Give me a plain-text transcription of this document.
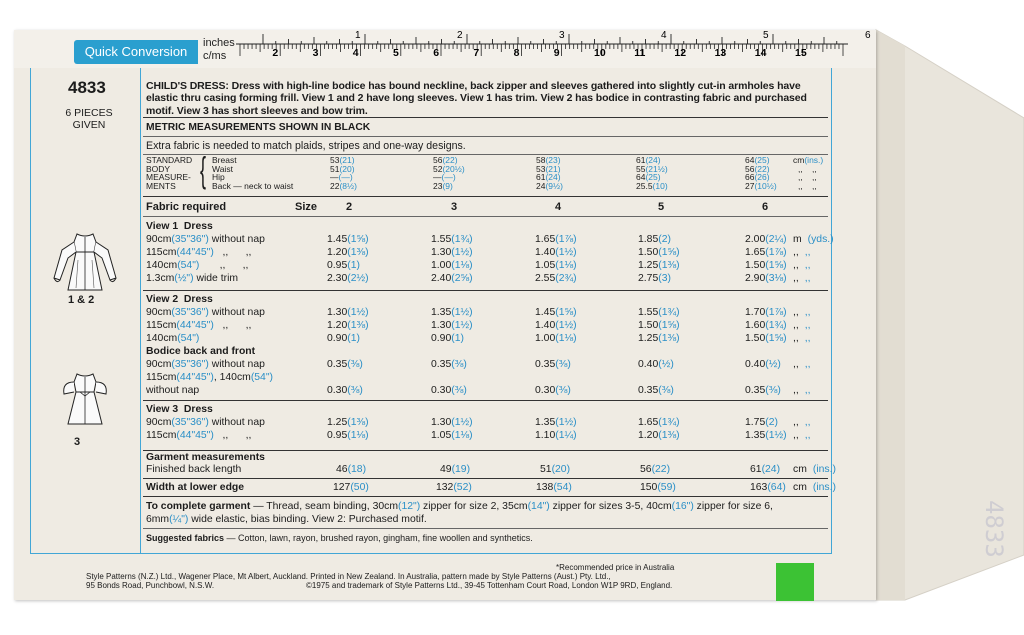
4833
Quick Conversion
inches
c/ms
1	2	3	4	5	6
2	3	4	5	6	7	8	9	10	11	12	13	14	15
4833
6 PIECES
GIVEN
1 & 2
3
CHILD'S DRESS: Dress with high-line bodice has bound neckline, back zipper and sleeves gathered into slightly cut-in armholes have elastic thru casing forming frill. View 1 and 2 have long sleeves. View 1 has trim. View 2 has bodice in contrasting fabric and purchased motif. View 3 has short sleeves and bow trim.
METRIC MEASUREMENTS SHOWN IN BLACK
Extra fabric is needed to match plaids, stripes and one-way designs.
STANDARD
BODY
MEASURE-
MENTS { Breast	53(21)	56(22)	58(23)	61(24)	64(25)	cm(ins.)
Waist	51(20)	52(20½)	53(21)	55(21½)	56(22)	,, ,,
Hip	—(—)	—(—)	61(24)	64(25)	66(26)	,, ,,
Back — neck to waist	22(8½)	23(9)	24(9½)	25.5(10)	27(10½)	,, ,,
Fabric required	Size	2	3	4	5	6
View 1  Dress
90cm(35"36") without nap	1.45(1⅝)	1.55(1¾)	1.65(1⅞)	1.85(2)	2.00(2¼) m (yds.)
115cm(44"45")   ,,      ,,	1.20(1⅜)	1.30(1½)	1.40(1½)	1.50(1⅝)	1.65(1⅞) ,, ,,
140cm(54")       ,,      ,,	0.95(1)	1.00(1⅛)	1.05(1⅛)	1.25(1⅜)	1.50(1⅝) ,, ,,
1.3cm(½") wide trim	2.30(2½)	2.40(2⅝)	2.55(2¾)	2.75(3)	2.90(3⅛) ,, ,,
View 2  Dress
90cm(35"36") without nap	1.30(1½)	1.35(1½)	1.45(1⅝)	1.55(1¾)	1.70(1⅞) ,, ,,
115cm(44"45")   ,,      ,,	1.20(1⅜)	1.30(1½)	1.40(1½)	1.50(1⅝)	1.60(1¾) ,, ,,
140cm(54")	0.90(1)	0.90(1)	1.00(1⅛)	1.25(1⅜)	1.50(1⅝) ,, ,,
Bodice back and front
90cm(35"36") without nap	0.35(⅜)	0.35(⅜)	0.35(⅜)	0.40(½)	0.40(½) ,, ,,
115cm(44"45"), 140cm(54")
without nap	0.30(⅜)	0.30(⅜)	0.30(⅜)	0.35(⅜)	0.35(⅜) ,, ,,
View 3  Dress
90cm(35"36") without nap	1.25(1⅜)	1.30(1½)	1.35(1½)	1.65(1¾)	1.75(2) ,, ,,
115cm(44"45")   ,,      ,,	0.95(1⅛)	1.05(1⅛)	1.10(1¼)	1.20(1⅜)	1.35(1½) ,, ,,
Garment measurements
Finished back length	46(18)	49(19)	51(20)	56(22)	61(24) cm (ins.)
Width at lower edge	127(50)	132(52)	138(54)	150(59)	163(64) cm (ins.)
To complete garment — Thread, seam binding, 30cm(12") zipper for size 2, 35cm(14") zipper for sizes 3-5, 40cm(16") zipper for size 6,
6mm(¼") wide elastic, bias binding. View 2: Purchased motif.
Suggested fabrics — Cotton, lawn, rayon, brushed rayon, gingham, fine woollen and synthetics.
*Recommended price in Australia
Style Patterns (N.Z.) Ltd., Wagener Place, Mt Albert, Auckland. Printed in New Zealand. In Australia, pattern made by Style Patterns (Aust.) Pty. Ltd.,
95 Bonds Road, Punchbowl, N.S.W.	©1975 and trademark of Style Patterns Ltd., 39-45 Tottenham Court Road, London W1P 9RD, England.
